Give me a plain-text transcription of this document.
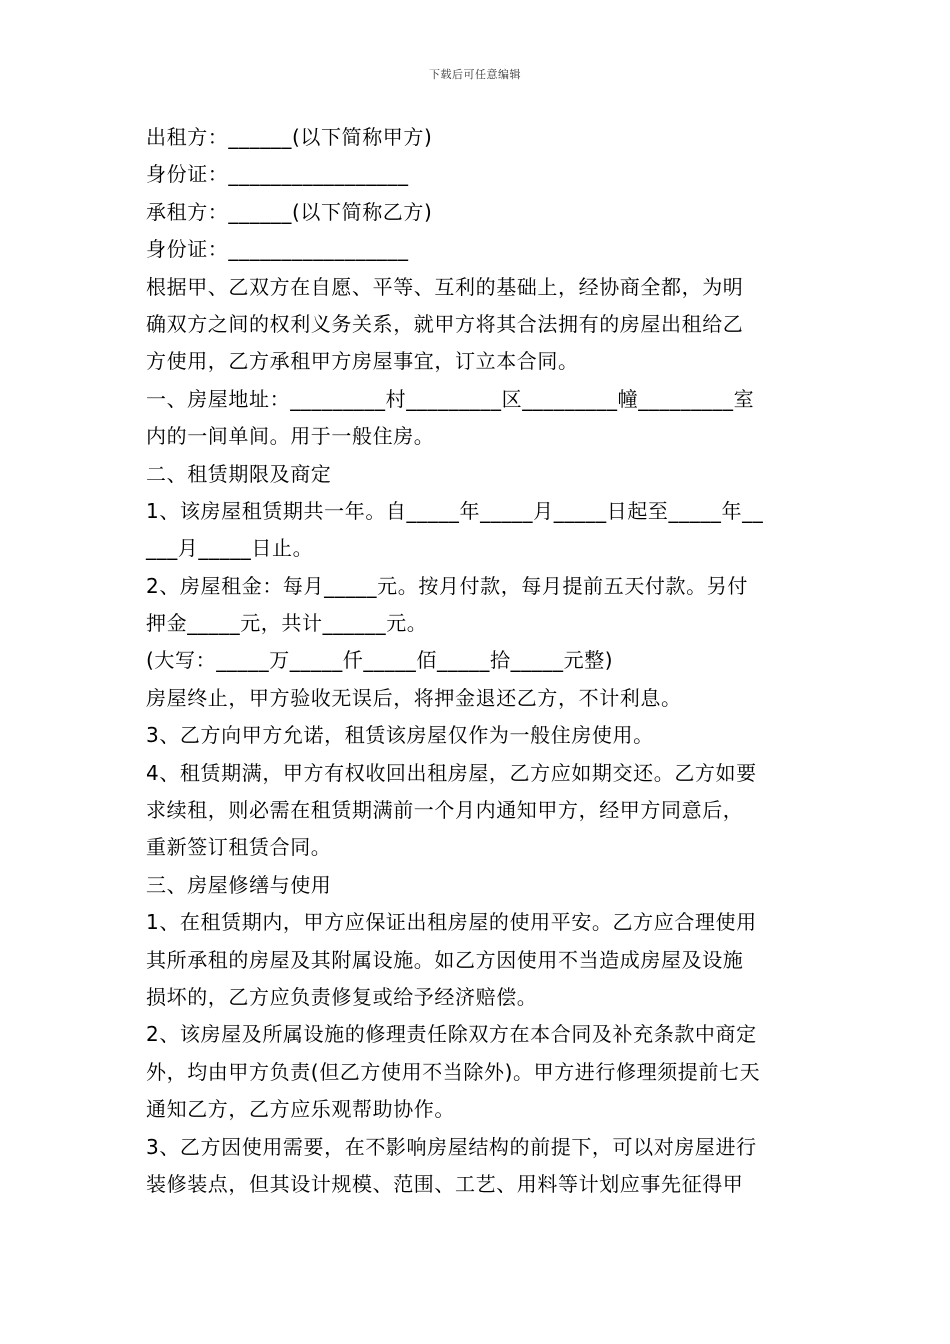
下载后可任意编辑
出租方：______(以下简称甲方)
身份证：_________________
承租方：______(以下简称乙方)
身份证：_________________
根据甲、乙双方在自愿、平等、互利的基础上，经协商全都，为明
确双方之间的权利义务关系，就甲方将其合法拥有的房屋出租给乙
方使用，乙方承租甲方房屋事宜，订立本合同。
一、房屋地址：_________村_________区_________幢_________室
内的一间单间。用于一般住房。
二、租赁期限及商定
1、该房屋租赁期共一年。自_____年_____月_____日起至_____年__
___月_____日止。
2、房屋租金：每月_____元。按月付款，每月提前五天付款。另付
押金_____元，共计______元。
(大写：_____万_____仟_____佰_____拾_____元整)
房屋终止，甲方验收无误后，将押金退还乙方，不计利息。
3、乙方向甲方允诺，租赁该房屋仅作为一般住房使用。
4、租赁期满，甲方有权收回出租房屋，乙方应如期交还。乙方如要
求续租，则必需在租赁期满前一个月内通知甲方，经甲方同意后，
重新签订租赁合同。
三、房屋修缮与使用
1、在租赁期内，甲方应保证出租房屋的使用平安。乙方应合理使用
其所承租的房屋及其附属设施。如乙方因使用不当造成房屋及设施
损坏的，乙方应负责修复或给予经济赔偿。
2、该房屋及所属设施的修理责任除双方在本合同及补充条款中商定
外，均由甲方负责(但乙方使用不当除外)。甲方进行修理须提前七天
通知乙方，乙方应乐观帮助协作。
3、乙方因使用需要，在不影响房屋结构的前提下，可以对房屋进行
装修装点，但其设计规模、范围、工艺、用料等计划应事先征得甲
